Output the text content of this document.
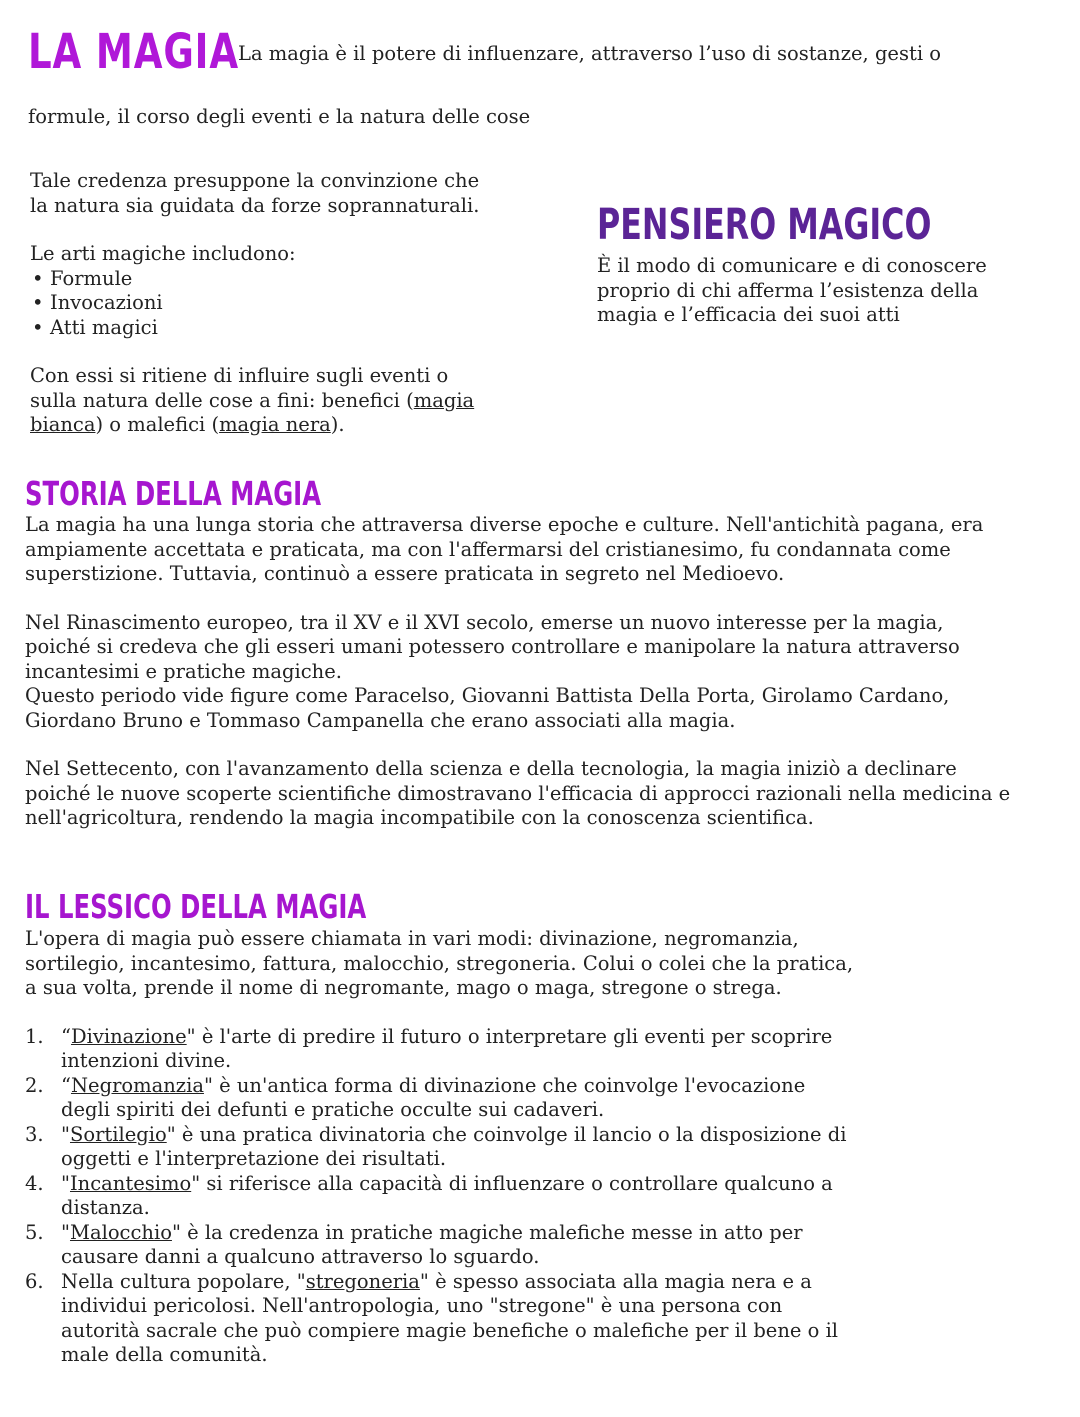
LA MAGIA La magia è il potere di influenzare, attraverso l’uso di sostanze, gesti o
formule, il corso degli eventi e la natura delle cose

Tale credenza presuppone la convinzione che la natura sia guidata da forze soprannaturali.

Le arti magiche includono:

• Formule
• Invocazioni
• Atti magici

Con essi si ritiene di influire sugli eventi o sulla natura delle cose a fini: benefici (magia bianca) o malefici (magia nera).

PENSIERO MAGICO
È il modo di comunicare e di conoscere proprio di chi afferma l’esistenza della magia e l’efficacia dei suoi atti
STORIA DELLA MAGIA

La magia ha una lunga storia che attraversa diverse epoche e culture. Nell'antichità pagana, era ampiamente accettata e praticata, ma con l'affermarsi del cristianesimo, fu condannata come superstizione. Tuttavia, continuò a essere praticata in segreto nel Medioevo.

Nel Rinascimento europeo, tra il XV e il XVI secolo, emerse un nuovo interesse per la magia, poiché si credeva che gli esseri umani potessero controllare e manipolare la natura attraverso incantesimi e pratiche magiche.

Questo periodo vide figure come Paracelso, Giovanni Battista Della Porta, Girolamo Cardano, Giordano Bruno e Tommaso Campanella che erano associati alla magia.

Nel Settecento, con l'avanzamento della scienza e della tecnologia, la magia iniziò a declinare poiché le nuove scoperte scientifiche dimostravano l'efficacia di approcci razionali nella medicina e nell'agricoltura, rendendo la magia incompatibile con la conoscenza scientifica.

IL LESSICO DELLA MAGIA

L'opera di magia può essere chiamata in vari modi: divinazione, negromanzia, sortilegio, incantesimo, fattura, malocchio, stregoneria. Colui o colei che la pratica, a sua volta, prende il nome di negromante, mago o maga, stregone o strega.

1. “Divinazione" è l'arte di predire il futuro o interpretare gli eventi per scoprire intenzioni divine.
2. “Negromanzia" è un'antica forma di divinazione che coinvolge l'evocazione degli spiriti dei defunti e pratiche occulte sui cadaveri.
3. "Sortilegio" è una pratica divinatoria che coinvolge il lancio o la disposizione di oggetti e l'interpretazione dei risultati.
4. "Incantesimo" si riferisce alla capacità di influenzare o controllare qualcuno a distanza.
5. "Malocchio" è la credenza in pratiche magiche malefiche messe in atto per causare danni a qualcuno attraverso lo sguardo.
6. Nella cultura popolare, "stregoneria" è spesso associata alla magia nera e a individui pericolosi. Nell'antropologia, uno "stregone" è una persona con autorità sacrale che può compiere magie benefiche o malefiche per il bene o il male della comunità.
